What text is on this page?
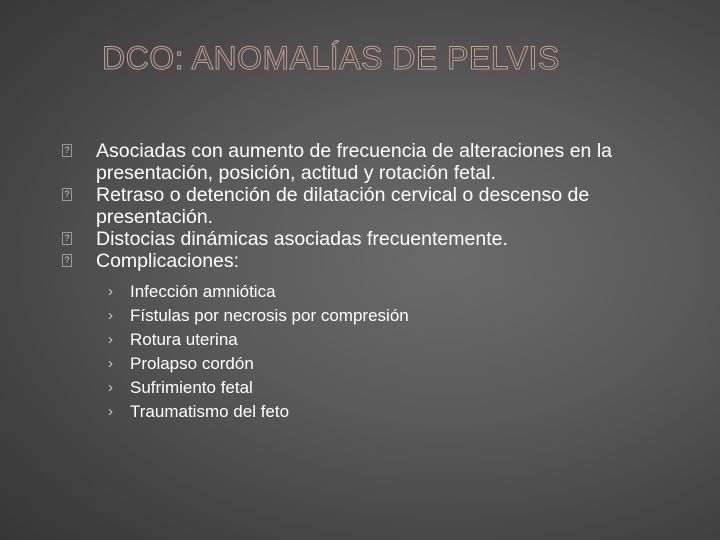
DCO: ANOMALÍAS DE PELVIS
? Asociadas con aumento de frecuencia de alteraciones en la presentación, posición, actitud y rotación fetal.
? Retraso o detención de dilatación cervical o descenso de presentación.
? Distocias dinámicas asociadas frecuentemente.
? Complicaciones:
› Infección amniótica
› Fístulas por necrosis por compresión
› Rotura uterina
› Prolapso cordón
› Sufrimiento fetal
› Traumatismo del feto
